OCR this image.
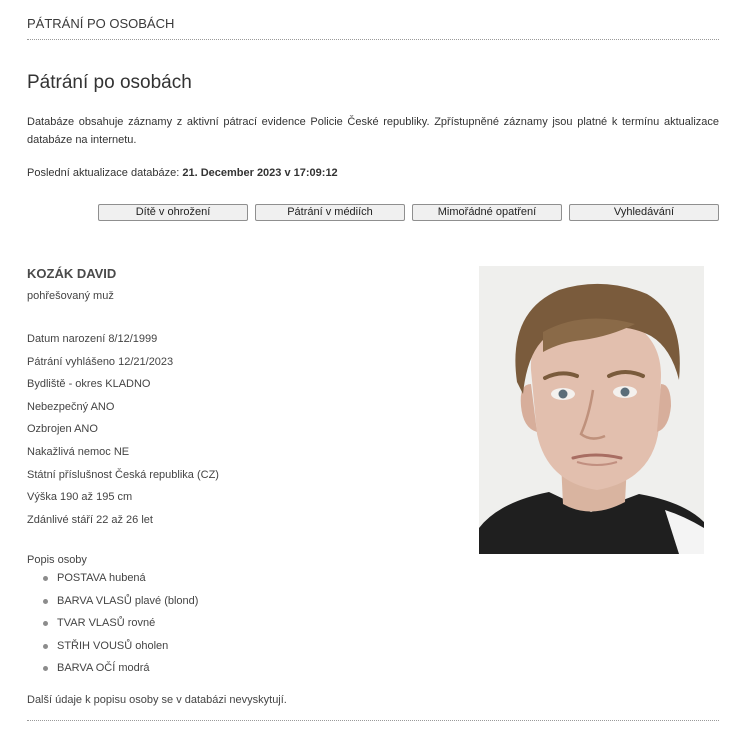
PÁTRÁNÍ PO OSOBÁCH
Pátrání po osobách
Databáze obsahuje záznamy z aktivní pátrací evidence Policie České republiky. Zpřístupněné záznamy jsou platné k termínu aktualizace databáze na internetu.
Poslední aktualizace databáze: 21. December 2023 v 17:09:12
Dítě v ohrožení	Pátrání v médiích	Mimořádné opatření	Vyhledávání
KOZÁK DAVID
pohřešovaný muž
Datum narození 8/12/1999
Pátrání vyhlášeno 12/21/2023
Bydliště - okres KLADNO
Nebezpečný ANO
Ozbrojen ANO
Nakažlivá nemoc NE
Státní příslušnost Česká republika (CZ)
Výška 190 až 195 cm
Zdánlivé stáří 22 až 26 let
Popis osoby
POSTAVA hubená
BARVA VLASŮ plavé (blond)
TVAR VLASŮ rovné
STŘIH VOUSŮ oholen
BARVA OČÍ modrá
Další údaje k popisu osoby se v databázi nevyskytují.
